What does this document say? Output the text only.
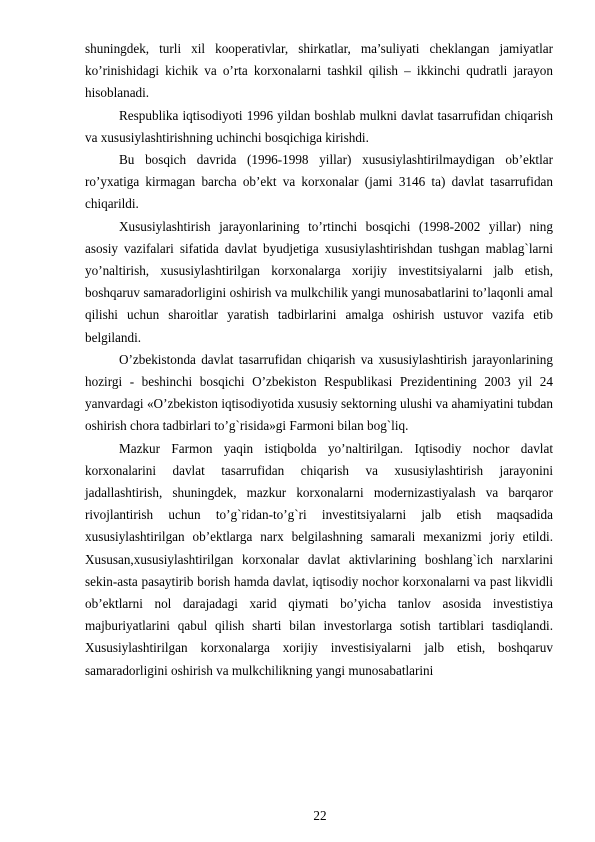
shuningdek, turli xil kooperativlar, shirkatlar, ma’suliyati cheklangan jamiyatlar ko’rinishidagi kichik va o’rta korxonalarni tashkil qilish – ikkinchi qudratli jarayon hisoblanadi.

Respublika iqtisodiyoti 1996 yildan boshlab mulkni davlat tasarrufidan chiqarish va xususiylashtirishning uchinchi bosqichiga kirishdi.

Bu bosqich davrida (1996-1998 yillar) xususiylashtirilmaydigan ob’ektlar ro’yxatiga kirmagan barcha ob’ekt va korxonalar (jami 3146 ta) davlat tasarrufidan chiqarildi.

Xususiylashtirish jarayonlarining to’rtinchi bosqichi (1998-2002 yillar) ning asosiy vazifalari sifatida davlat byudjetiga xususiylashtirishdan tushgan mablag`larni yo’naltirish, xususiylashtirilgan korxonalarga xorijiy investitsiyalarni jalb etish, boshqaruv samaradorligini oshirish va mulkchilik yangi munosabatlarini to’laqonli amal qilishi uchun sharoitlar yaratish tadbirlarini amalga oshirish ustuvor vazifa etib belgilandi.

O’zbekistonda davlat tasarrufidan chiqarish va xususiylashtirish jarayonlarining hozirgi - beshinchi bosqichi O’zbekiston Respublikasi Prezidentining 2003 yil 24 yanvardagi «O’zbekiston iqtisodiyotida xususiy sektorning ulushi va ahamiyatini tubdan oshirish chora tadbirlari to’g`risida»gi Farmoni bilan bog`liq.

Mazkur Farmon yaqin istiqbolda yo’naltirilgan. Iqtisodiy nochor davlat korxonalarini davlat tasarrufidan chiqarish va xususiylashtirish jarayonini jadallashtirish, shuningdek, mazkur korxonalarni modernizastiyalash va barqaror rivojlantirish uchun to’g`ridan-to’g`ri investitsiyalarni jalb etish maqsadida xususiylashtirilgan ob’ektlarga narx belgilashning samarali mexanizmi joriy etildi. Xususan,xususiylashtirilgan korxonalar davlat aktivlarining boshlang`ich narxlarini sekin-asta pasaytirib borish hamda davlat, iqtisodiy nochor korxonalarni va past likvidli ob’ektlarni nol darajadagi xarid qiymati bo’yicha tanlov asosida investistiya majburiyatlarini qabul qilish sharti bilan investorlarga sotish tartiblari tasdiqlandi. Xususiylashtirilgan korxonalarga xorijiy investisiyalarni jalb etish, boshqaruv samaradorligini oshirish va mulkchilikning yangi munosabatlarini

22
